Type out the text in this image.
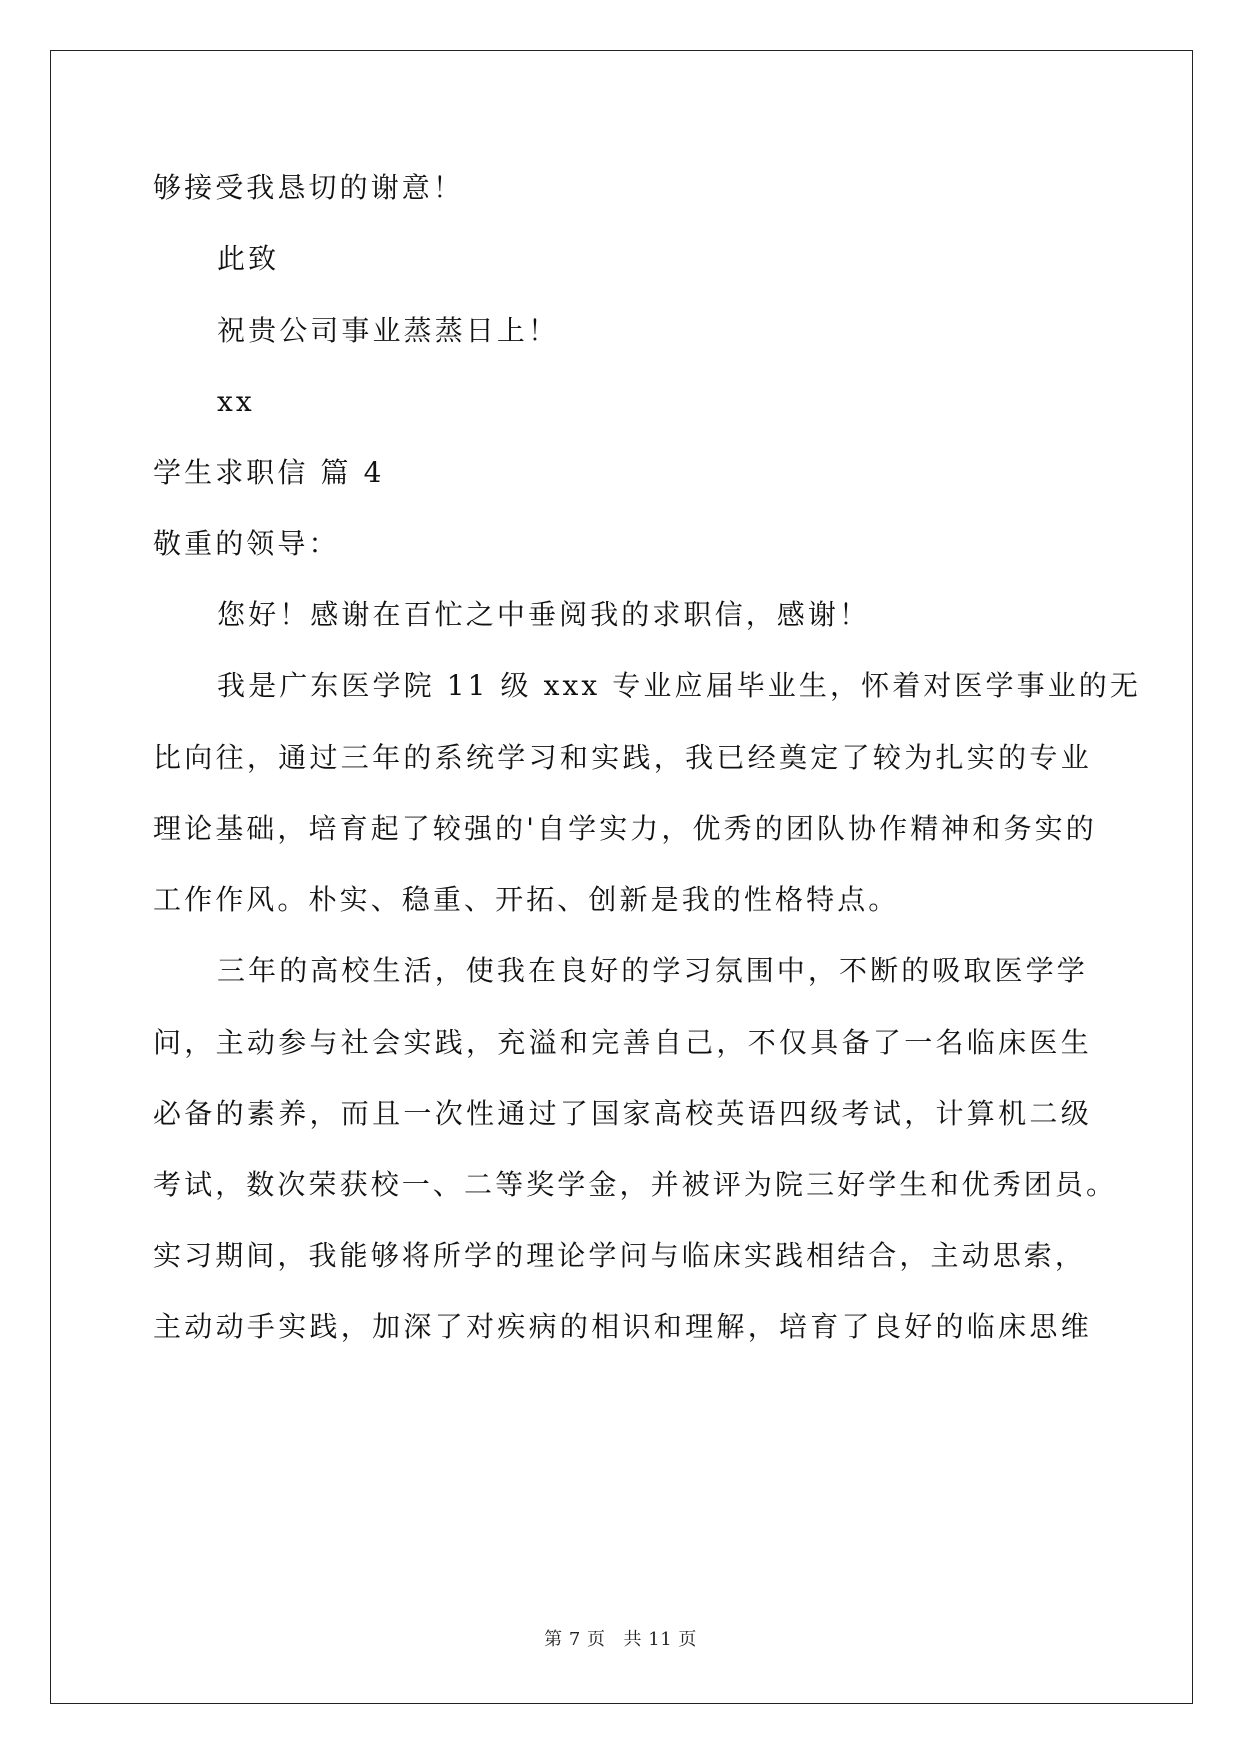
够接受我恳切的谢意！
此致
祝贵公司事业蒸蒸日上！
xx
学生求职信 篇 4
敬重的领导：
您好！感谢在百忙之中垂阅我的求职信，感谢！
我是广东医学院 11 级 xxx 专业应届毕业生，怀着对医学事业的无
比向往，通过三年的系统学习和实践，我已经奠定了较为扎实的专业
理论基础，培育起了较强的'自学实力，优秀的团队协作精神和务实的
工作作风。朴实、稳重、开拓、创新是我的性格特点。
三年的高校生活，使我在良好的学习氛围中，不断的吸取医学学
问，主动参与社会实践，充溢和完善自己，不仅具备了一名临床医生
必备的素养，而且一次性通过了国家高校英语四级考试，计算机二级
考试，数次荣获校一、二等奖学金，并被评为院三好学生和优秀团员。
实习期间，我能够将所学的理论学问与临床实践相结合，主动思索，
主动动手实践，加深了对疾病的相识和理解，培育了良好的临床思维
第 7 页 共 11 页
